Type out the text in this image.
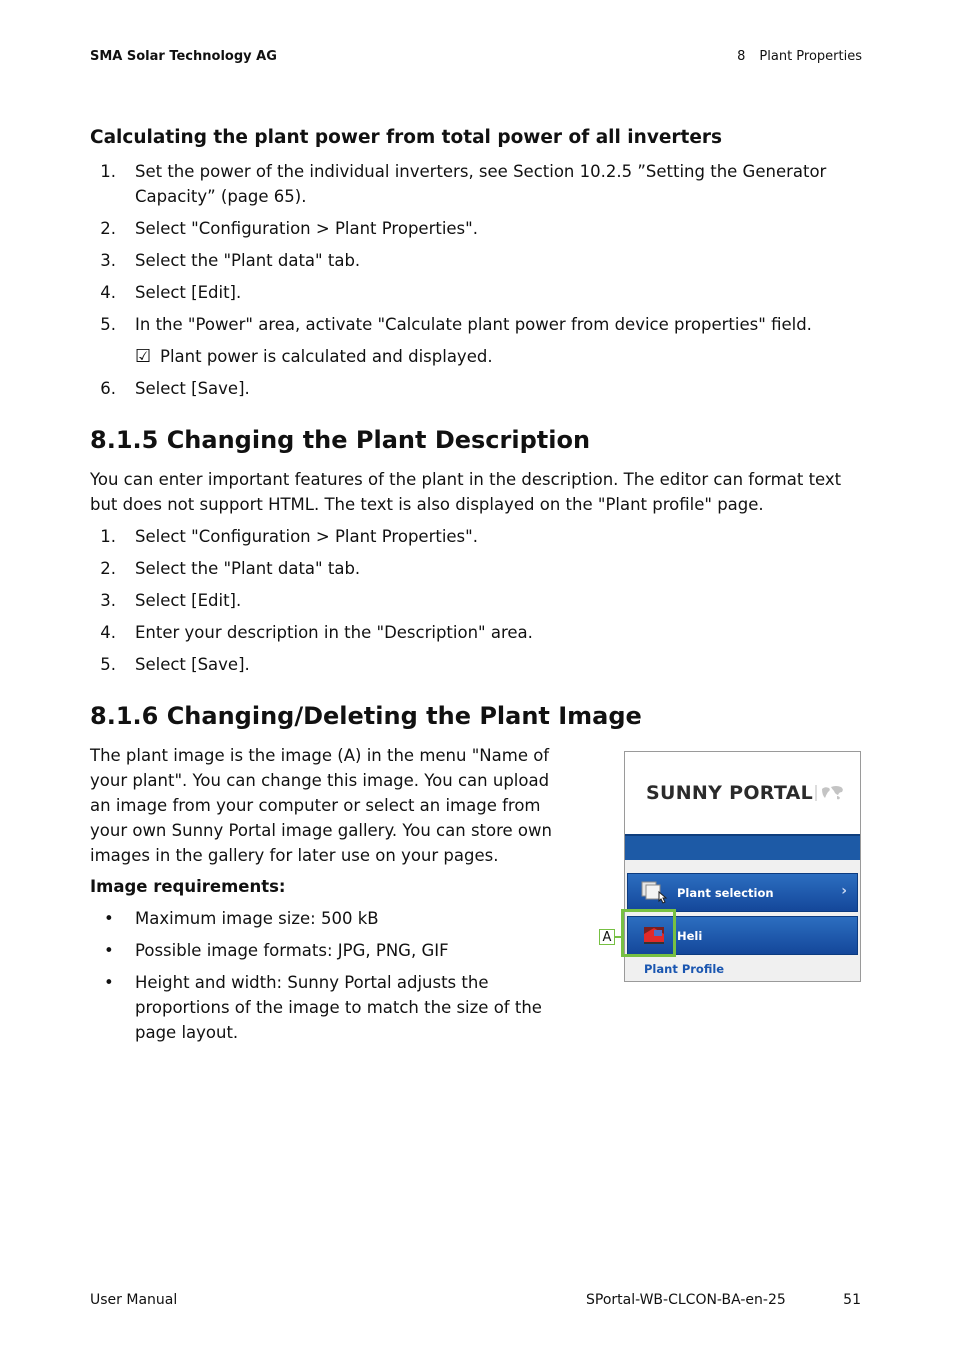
SMA Solar Technology AG	8 Plant Properties
Calculating the plant power from total power of all inverters
1. Set the power of the individual inverters, see Section 10.2.5 ”Setting the Generator Capacity” (page 65).
2. Select "Configuration > Plant Properties".
3. Select the "Plant data" tab.
4. Select [Edit].
5. In the "Power" area, activate "Calculate plant power from device properties" field.
☑ Plant power is calculated and displayed.
6. Select [Save].
8.1.5 Changing the Plant Description

You can enter important features of the plant in the description. The editor can format text but does not support HTML. The text is also displayed on the "Plant profile" page.

1. Select "Configuration > Plant Properties".
2. Select the "Plant data" tab.
3. Select [Edit].
4. Enter your description in the "Description" area.
5. Select [Save].
8.1.6 Changing/Deleting the Plant Image

The plant image is the image (A) in the menu "Name of your plant". You can change this image. You can upload an image from your computer or select an image from your own Sunny Portal image gallery. You can store own images in the gallery for later use on your pages.

Image requirements:
• Maximum image size: 500 kB
• Possible image formats: JPG, PNG, GIF
• Height and width: Sunny Portal adjusts the proportions of the image to match the size of the page layout.
SUNNY PORTAL
Plant selection	›
Heli
Plant Profile
A
User Manual	SPortal-WB-CLCON-BA-en-25	51
